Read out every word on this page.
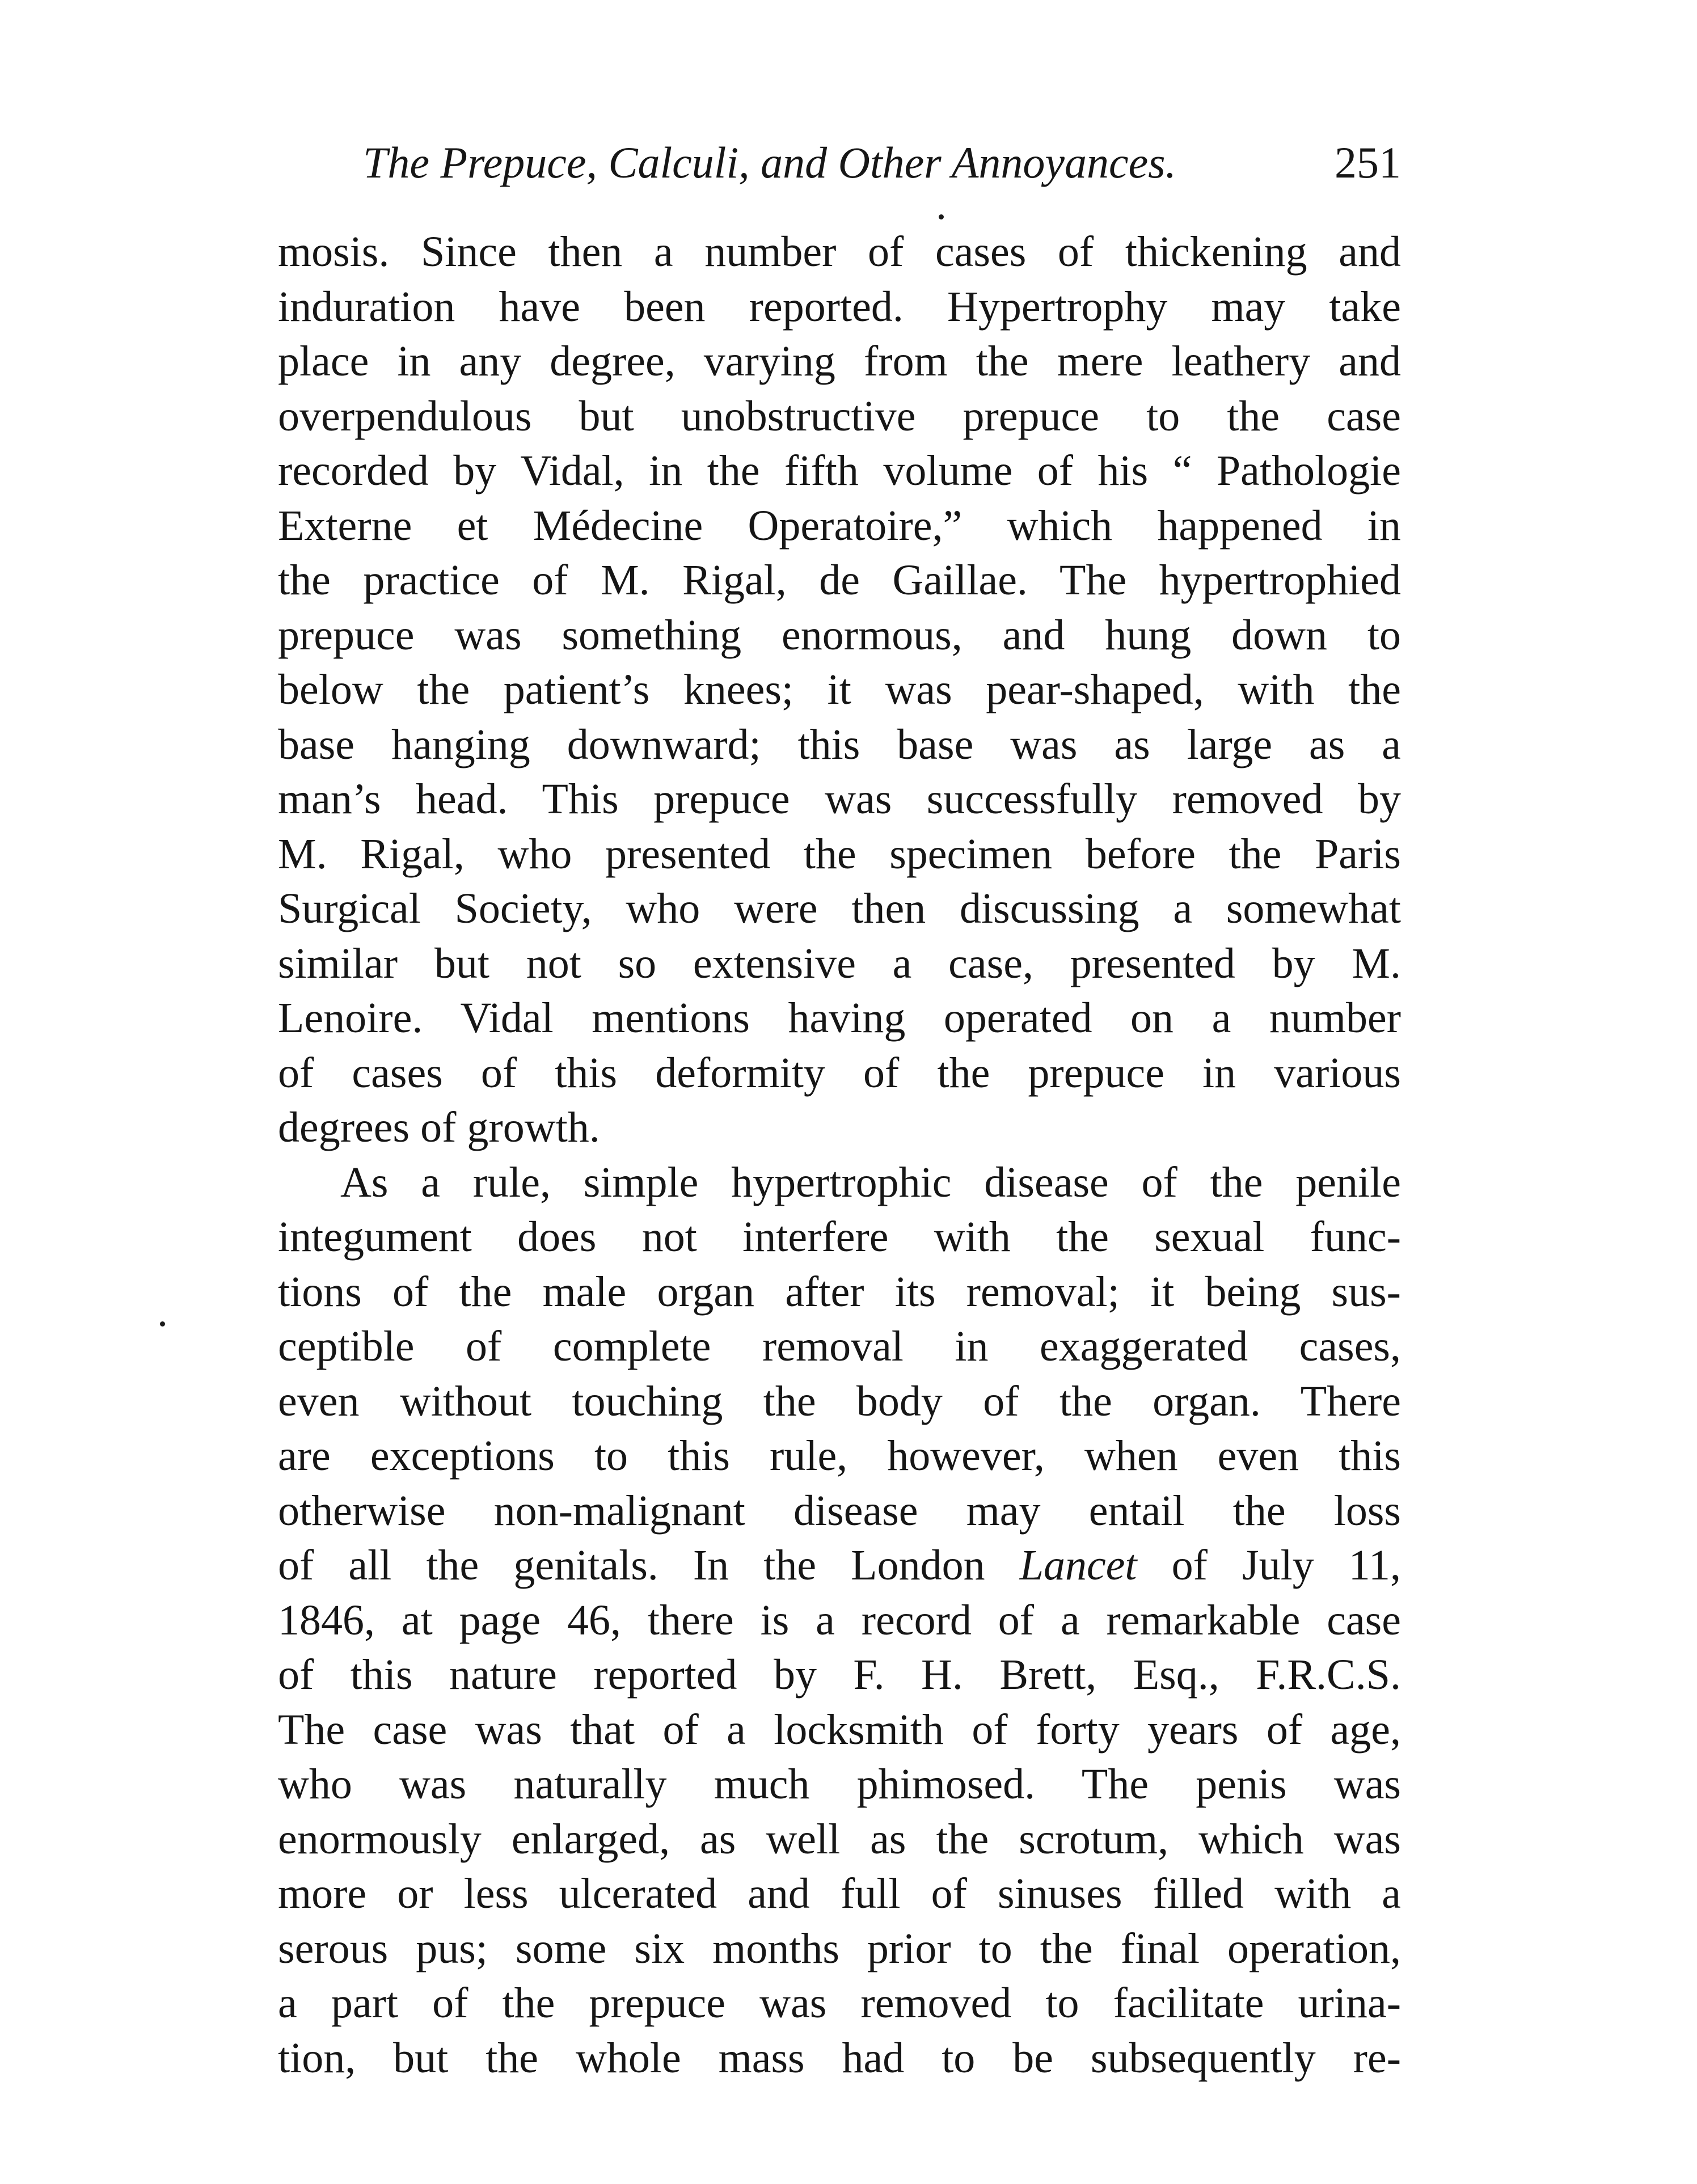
The Prepuce, Calculi, and Other Annoyances.	251
mosis. Since then a number of cases of thickening and
induration have been reported. Hypertrophy may take
place in any degree, varying from the mere leathery and
overpendulous but unobstructive prepuce to the case
recorded by Vidal, in the fifth volume of his “ Pathologie
Externe et Médecine Operatoire,” which happened in
the practice of M. Rigal, de Gaillae. The hypertrophied
prepuce was something enormous, and hung down to
below the patient’s knees; it was pear-shaped, with the
base hanging downward; this base was as large as a
man’s head. This prepuce was successfully removed by
M. Rigal, who presented the specimen before the Paris
Surgical Society, who were then discussing a somewhat
similar but not so extensive a case, presented by M.
Lenoire. Vidal mentions having operated on a number
of cases of this deformity of the prepuce in various
degrees of growth.
As a rule, simple hypertrophic disease of the penile
integument does not interfere with the sexual func-
tions of the male organ after its removal; it being sus-
ceptible of complete removal in exaggerated cases,
even without touching the body of the organ. There
are exceptions to this rule, however, when even this
otherwise non-malignant disease may entail the loss
of all the genitals. In the London Lancet of July 11,
1846, at page 46, there is a record of a remarkable case
of this nature reported by F. H. Brett, Esq., F.R.C.S.
The case was that of a locksmith of forty years of age,
who was naturally much phimosed. The penis was
enormously enlarged, as well as the scrotum, which was
more or less ulcerated and full of sinuses filled with a
serous pus; some six months prior to the final operation,
a part of the prepuce was removed to facilitate urina-
tion, but the whole mass had to be subsequently re-
